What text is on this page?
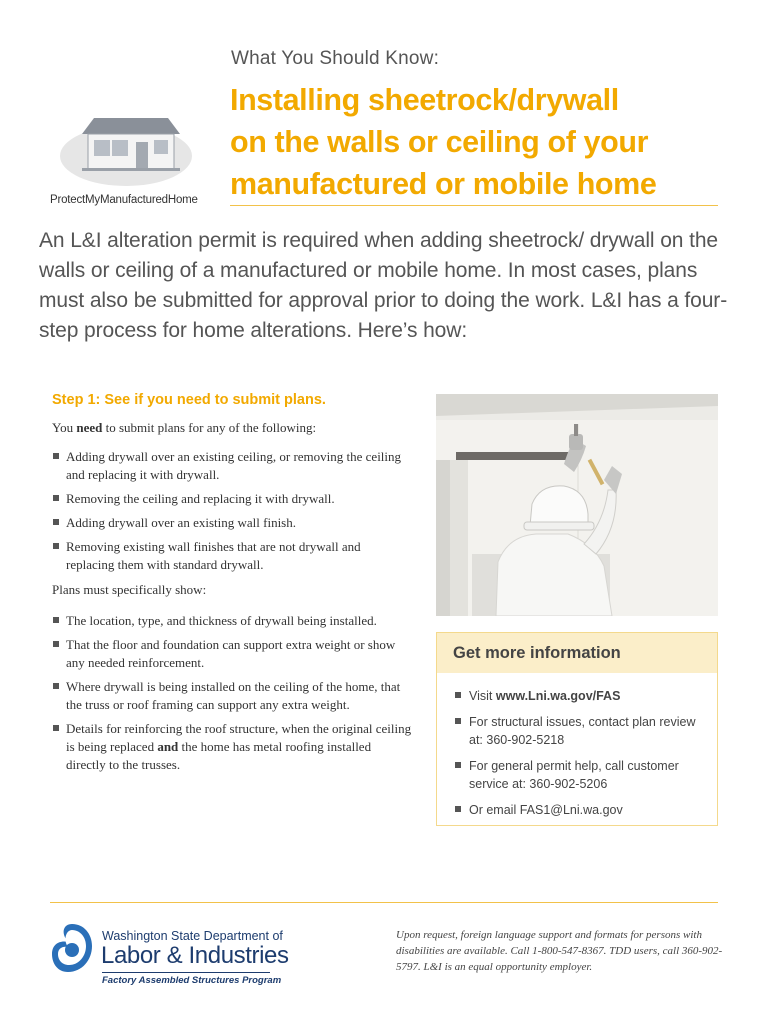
What You Should Know:
Installing sheetrock/drywall
on the walls or ceiling of your
manufactured or mobile home
ProtectMyManufacturedHome
An L&I alteration permit is required when adding sheetrock/ drywall on the walls or ceiling of a manufactured or mobile home. In most cases, plans must also be submitted for approval prior to doing the work. L&I has a four-step process for home alterations. Here’s how:
Step 1: See if you need to submit plans.
You need to submit plans for any of the following:
Adding drywall over an existing ceiling, or removing the ceiling and replacing it with drywall.
Removing the ceiling and replacing it with drywall.
Adding drywall over an existing wall finish.
Removing existing wall finishes that are not drywall and replacing them with standard drywall.
Plans must specifically show:
The location, type, and thickness of drywall being installed.
That the floor and foundation can support extra weight or show any needed reinforcement.
Where drywall is being installed on the ceiling of the home, that the truss or roof framing can support any extra weight.
Details for reinforcing the roof structure, when the original ceiling is being replaced and the home has metal roofing installed directly to the trusses.
Get more information
Visit www.Lni.wa.gov/FAS
For structural issues, contact plan review at: 360-902-5218
For general permit help, call customer service at: 360-902-5206
Or email FAS1@Lni.wa.gov
Washington State Department of
Labor & Industries
Factory Assembled Structures Program
Upon request, foreign language support and formats for persons with disabilities are available. Call 1-800-547-8367. TDD users, call 360-902-5797. L&I is an equal opportunity employer.
